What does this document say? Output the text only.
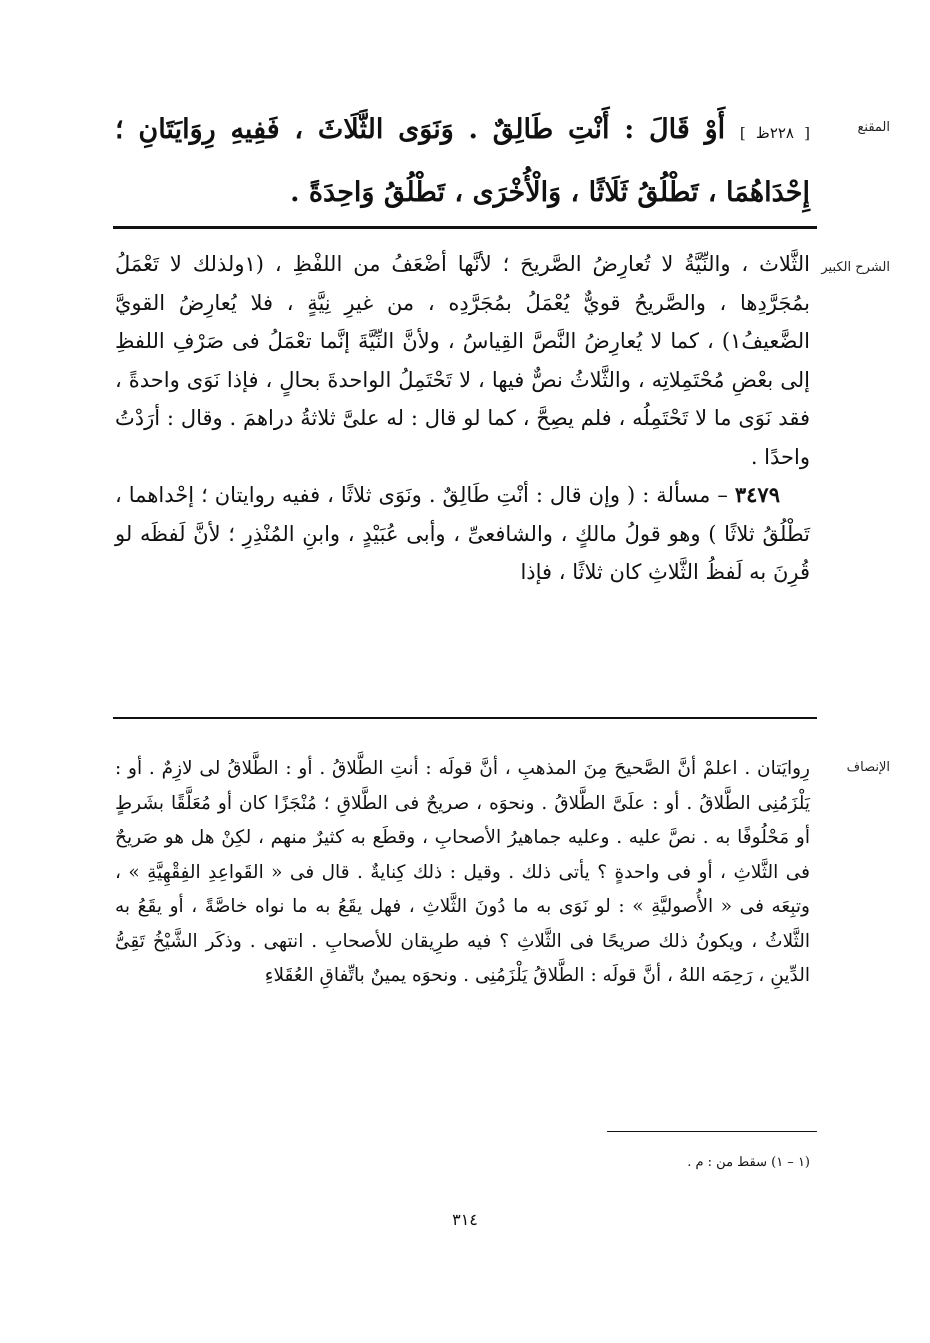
المقنع
[ ٢٢٨ظ ] أَوْ قَالَ : أَنْتِ طَالِقٌ . وَنَوَى الثَّلَاثَ ، فَفِيهِ رِوَايَتَانِ ؛ إِحْدَاهُمَا ، تَطْلُقُ ثَلَاثًا ، وَالْأُخْرَى ، تَطْلُقُ وَاحِدَةً .
الشرح الكبير

الثَّلاث ، والنِّيَّةُ لا تُعارِضُ الصَّريحَ ؛ لأنَّها أضْعَفُ من اللفْظِ ، (١ولذلك لا تَعْمَلُ بمُجَرَّدِها ، والصَّريحُ قويٌّ يُعْمَلُ بمُجَرَّدِه ، من غيرِ نِيَّةٍ ، فلا يُعارِضُ القويَّ الضَّعيفُ١) ، كما لا يُعارِضُ النَّصَّ القِياسُ ، ولأنَّ النِّيَّةَ إنَّما تعْمَلُ فى صَرْفِ اللفظِ إلى بعْضِ مُحْتَمِلاتِه ، والثَّلاثُ نصٌّ فيها ، لا تَحْتَمِلُ الواحدةَ بحالٍ ، فإذا نَوَى واحدةً ، فقد نَوَى ما لا تَحْتَمِلُه ، فلم يصِحَّ ، كما لو قال : له علىَّ ثلاثةُ دراهمَ . وقال : أرَدْتُ واحدًا .

٣٤٧٩ – مسألة : ( وإن قال : أنْتِ طَالِقٌ . ونَوَى ثلاثًا ، ففيه روايتان ؛ إحْداهما ، تَطْلُقُ ثلاثًا ) وهو قولُ مالكٍ ، والشافعىِّ ، وأبى عُبَيْدٍ ، وابنِ المُنْذِرِ ؛ لأنَّ لَفظَه لو قُرِنَ به لَفظُ الثَّلاثِ كان ثلاثًا ، فإذا

الإنصاف
رِوايَتان . اعلمْ أنَّ الصَّحيحَ مِنَ المذهبِ ، أنَّ قولَه : أنتِ الطَّلاقُ . أو : الطَّلاقُ لى لازِمٌ . أو : يَلْزَمُنِى الطَّلاقُ . أو : علَىَّ الطَّلاقُ . ونحوَه ، صريحٌ فى الطَّلاقِ ؛ مُنْجَزًا كان أو مُعَلَّقًا بشَرطٍ أو مَحْلُوفًا به . نصَّ عليه . وعليه جماهيرُ الأصحابِ ، وقطَع به كثيرٌ منهم ، لكِنْ هل هو صَريحٌ فى الثَّلاثِ ، أو فى واحدةٍ ؟ يأتى ذلك . وقيل : ذلك كِنايةٌ . قال فى « القَواعِدِ الفِقْهِيَّةِ » ، وتبِعَه فى « الأُصوليَّةِ » : لو نَوَى به ما دُونَ الثَّلاثِ ، فهل يقَعُ به ما نواه خاصَّةً ، أو يقَعُ به الثَّلاثُ ، ويكونُ ذلك صريحًا فى الثَّلاثِ ؟ فيه طرِيقان للأصحابِ . انتهى . وذكَر الشَّيْخُ تَقِىُّ الدِّينِ ، رَحِمَه اللهُ ، أنَّ قولَه : الطَّلاقُ يَلْزَمُنِى . ونحوَه يمينٌ باتِّفاقِ العُقَلاءِ
(١ – ١) سقط من : م .
٣١٤
